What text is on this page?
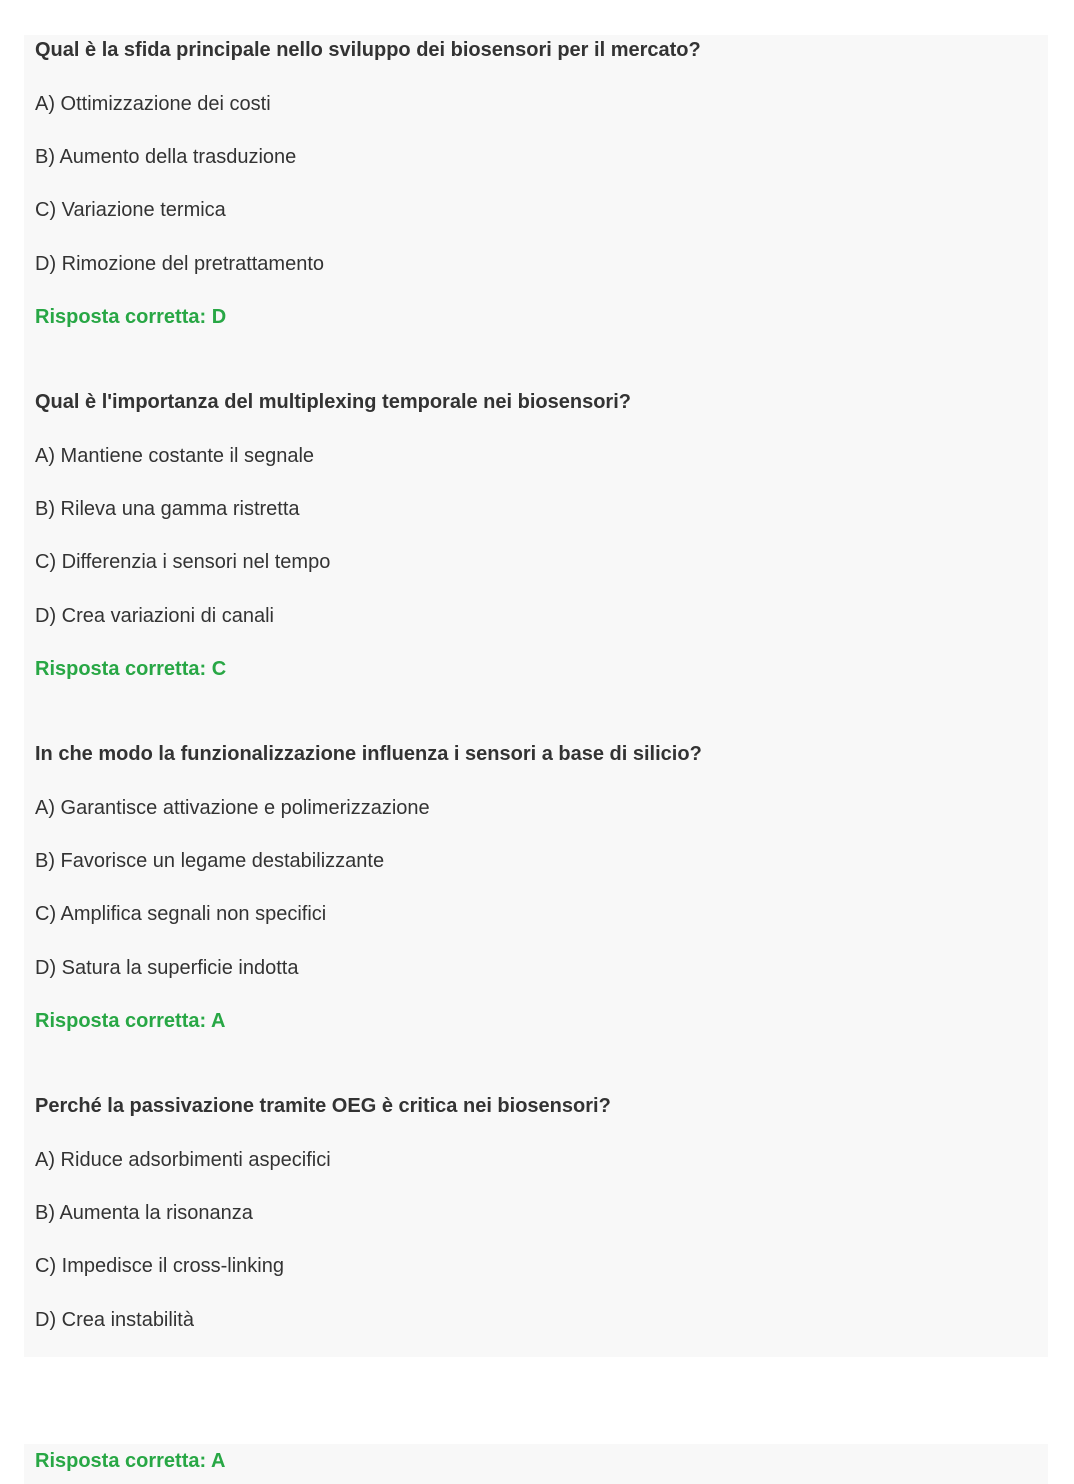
Qual è la sfida principale nello sviluppo dei biosensori per il mercato?
A) Ottimizzazione dei costi
B) Aumento della trasduzione
C) Variazione termica
D) Rimozione del pretrattamento
Risposta corretta: D
Qual è l'importanza del multiplexing temporale nei biosensori?
A) Mantiene costante il segnale
B) Rileva una gamma ristretta
C) Differenzia i sensori nel tempo
D) Crea variazioni di canali
Risposta corretta: C
In che modo la funzionalizzazione influenza i sensori a base di silicio?
A) Garantisce attivazione e polimerizzazione
B) Favorisce un legame destabilizzante
C) Amplifica segnali non specifici
D) Satura la superficie indotta
Risposta corretta: A
Perché la passivazione tramite OEG è critica nei biosensori?
A) Riduce adsorbimenti aspecifici
B) Aumenta la risonanza
C) Impedisce il cross-linking
D) Crea instabilità
Risposta corretta: A
